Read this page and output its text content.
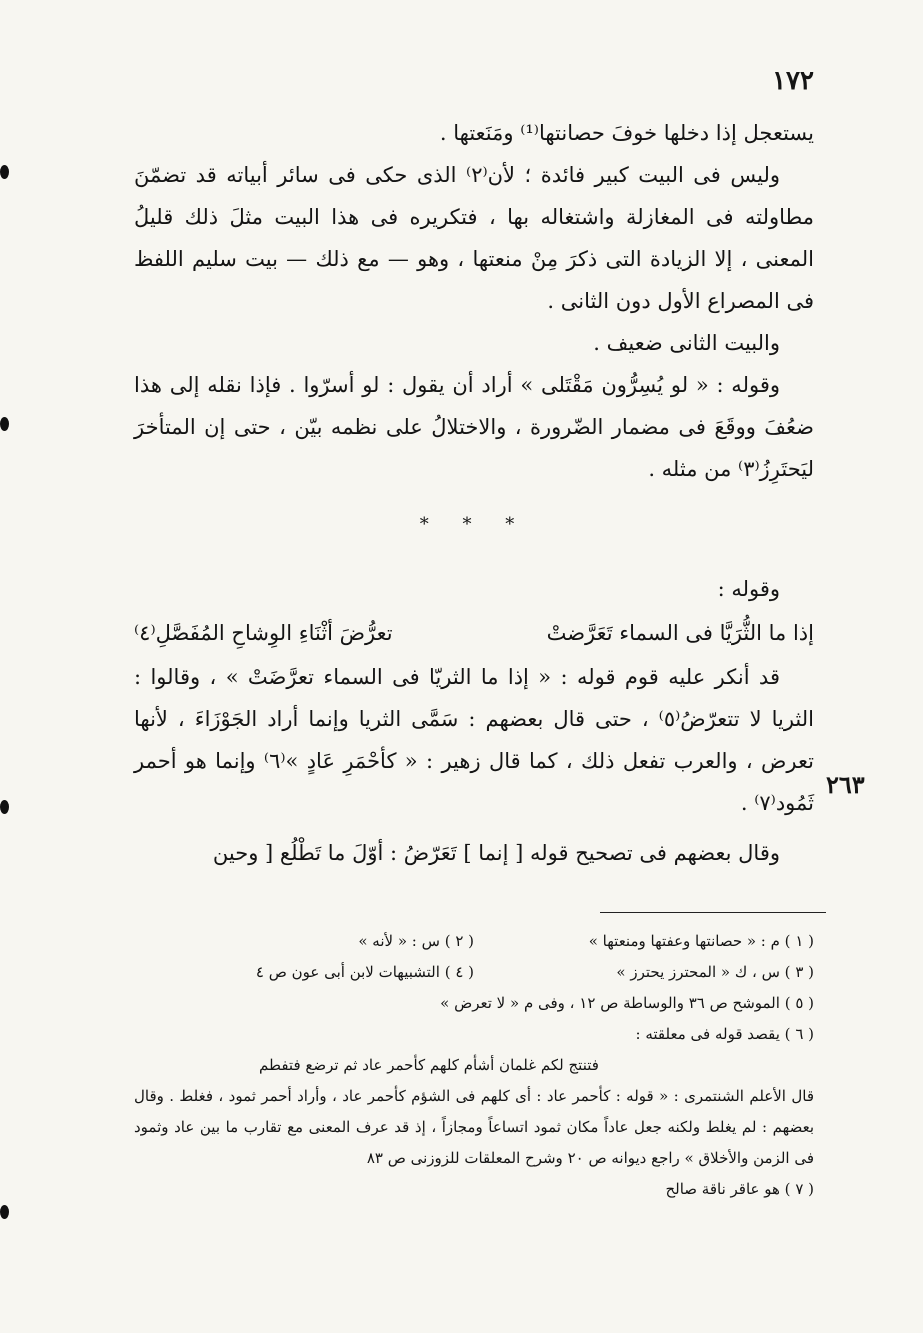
١٧٢
٢٦٣

يستعجل إذا دخلها خوفَ حصانتها⁽¹⁾ ومَنَعتها .

وليس فى البيت كبير فائدة ؛ لأن⁽٢⁾ الذى حكى فى سائر أبياته قد تضمّنَ مطاولته فى المغازلة واشتغاله بها ، فتكريره فى هذا البيت مثلَ ذلك قليلُ المعنى ، إلا الزيادة التى ذكرَ مِنْ منعتها ، وهو — مع ذلك — بيت سليم اللفظ فى المصراع الأول دون الثانى .

والبيت الثانى ضعيف .

وقوله : « لو يُسِرُّون مَقْتَلى » أراد أن يقول : لو أسرّوا . فإذا نقله إلى هذا ضعُفَ ووقَعَ فى مضمار الضّرورة ، والاختلالُ على نظمه بيّن ، حتى إن المتأخرَ ليَحتَرِزُ⁽٣⁾ من مثله .

* * *

وقوله :

إذا ما الثُّرَيَّا فى السماء تَعَرَّضتْ
تعرُّضَ أثْنَاءِ الوِشاحِ المُفَصَّلِ⁽٤⁾

قد أنكر عليه قوم قوله : « إذا ما الثريّا فى السماء تعرَّضَتْ » ، وقالوا : الثريا لا تتعرّضُ⁽٥⁾ ، حتى قال بعضهم : سَمَّى الثريا وإنما أراد الجَوْزَاءَ ، لأنها تعرض ، والعرب تفعل ذلك ، كما قال زهير : « كأحْمَرِ عَادٍ »⁽٦⁾ وإنما هو أحمر ثَمُود⁽٧⁾ .

وقال بعضهم فى تصحيح قوله [ إنما ] تَعَرّضُ : أوّلَ ما تَطْلُع [ وحين

( ١ ) م : « حصانتها وعفتها ومنعتها »
( ٢ ) س : « لأنه »
( ٣ ) س ، ك « المحترز يحترز »
( ٤ ) التشبيهات لابن أبى عون ص ٤
( ٥ ) الموشح ص ٣٦ والوساطة ص ١٢ ، وفى م « لا تعرض »
( ٦ ) يقصد قوله فى معلقته :
فتنتج لكم غلمان أشأم كلهم كأحمر عاد ثم ترضع فتفطم
قال الأعلم الشنتمرى : « قوله : كأحمر عاد : أى كلهم فى الشؤم كأحمر عاد ، وأراد أحمر ثمود ، فغلط . وقال بعضهم : لم يغلط ولكنه جعل عاداً مكان ثمود اتساعاً ومجازاً ، إذ قد عرف المعنى مع تقارب ما بين عاد وثمود فى الزمن والأخلاق » راجع ديوانه ص ٢٠ وشرح المعلقات للزوزنى ص ٨٣
( ٧ ) هو عاقر ناقة صالح
